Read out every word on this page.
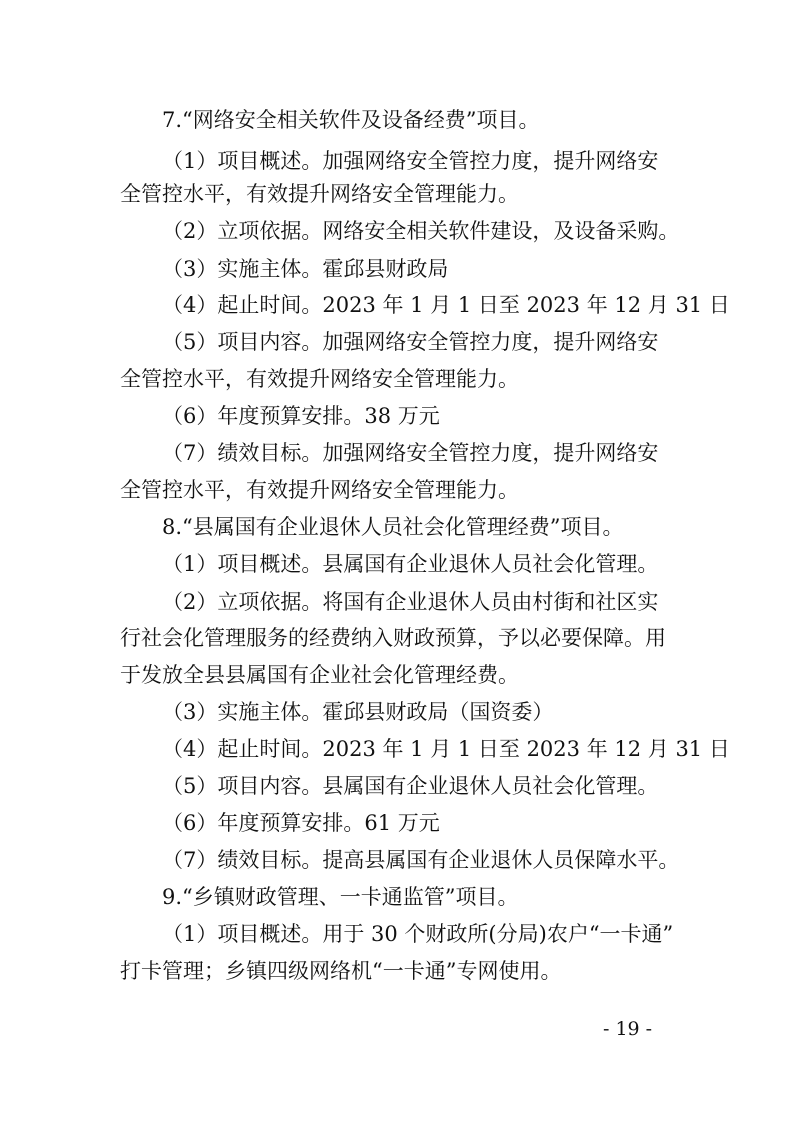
7.“网络安全相关软件及设备经费”项目。
（1）项目概述。加强网络安全管控力度，提升网络安
全管控水平，有效提升网络安全管理能力。
（2）立项依据。网络安全相关软件建设，及设备采购。
（3）实施主体。霍邱县财政局
（4）起止时间。2023 年 1 月 1 日至 2023 年 12 月 31 日
（5）项目内容。加强网络安全管控力度，提升网络安
全管控水平，有效提升网络安全管理能力。
（6）年度预算安排。38 万元
（7）绩效目标。加强网络安全管控力度，提升网络安
全管控水平，有效提升网络安全管理能力。
8.“县属国有企业退休人员社会化管理经费”项目。
（1）项目概述。县属国有企业退休人员社会化管理。
（2）立项依据。将国有企业退休人员由村街和社区实
行社会化管理服务的经费纳入财政预算，予以必要保障。用
于发放全县县属国有企业社会化管理经费。
（3）实施主体。霍邱县财政局（国资委）
（4）起止时间。2023 年 1 月 1 日至 2023 年 12 月 31 日
（5）项目内容。县属国有企业退休人员社会化管理。
（6）年度预算安排。61 万元
（7）绩效目标。提高县属国有企业退休人员保障水平。
9.“乡镇财政管理、一卡通监管”项目。
（1）项目概述。用于 30 个财政所(分局)农户“一卡通”
打卡管理；乡镇四级网络机“一卡通”专网使用。
- 19 -
